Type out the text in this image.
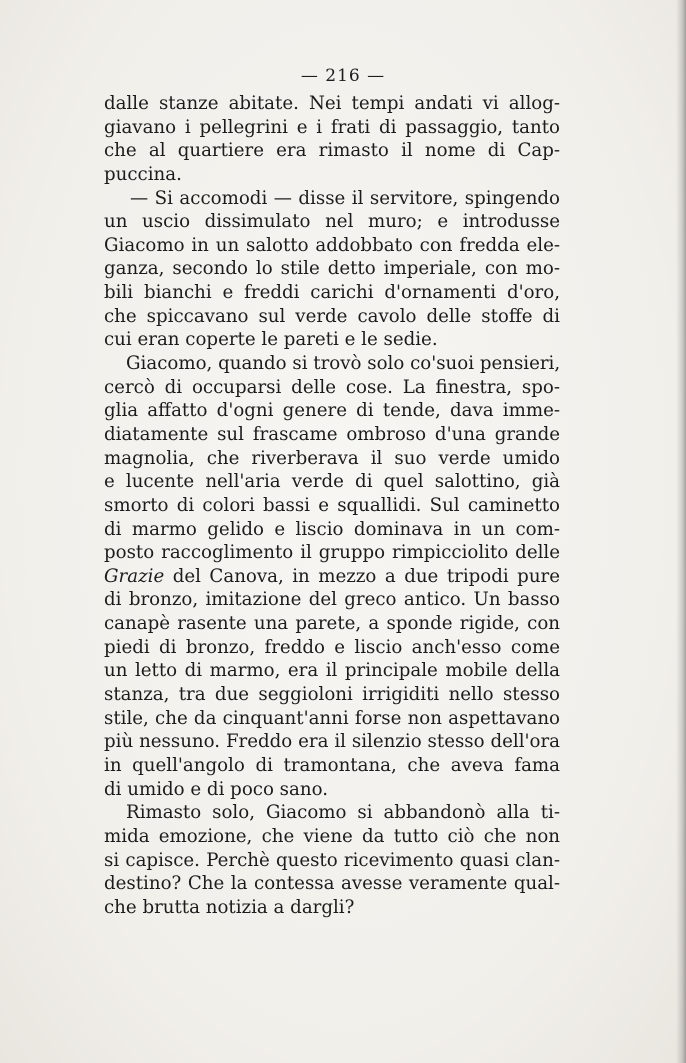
— 216 —
dalle stanze abitate. Nei tempi andati vi allog-
giavano i pellegrini e i frati di passaggio, tanto
che al quartiere era rimasto il nome di Cap-
puccina.
— Si accomodi — disse il servitore, spingendo
un uscio dissimulato nel muro; e introdusse
Giacomo in un salotto addobbato con fredda ele-
ganza, secondo lo stile detto imperiale, con mo-
bili bianchi e freddi carichi d'ornamenti d'oro,
che spiccavano sul verde cavolo delle stoffe di
cui eran coperte le pareti e le sedie.
Giacomo, quando si trovò solo co'suoi pensieri,
cercò di occuparsi delle cose. La finestra, spo-
glia affatto d'ogni genere di tende, dava imme-
diatamente sul frascame ombroso d'una grande
magnolia, che riverberava il suo verde umido
e lucente nell'aria verde di quel salottino, già
smorto di colori bassi e squallidi. Sul caminetto
di marmo gelido e liscio dominava in un com-
posto raccoglimento il gruppo rimpicciolito delle
Grazie del Canova, in mezzo a due tripodi pure
di bronzo, imitazione del greco antico. Un basso
canapè rasente una parete, a sponde rigide, con
piedi di bronzo, freddo e liscio anch'esso come
un letto di marmo, era il principale mobile della
stanza, tra due seggioloni irrigiditi nello stesso
stile, che da cinquant'anni forse non aspettavano
più nessuno. Freddo era il silenzio stesso dell'ora
in quell'angolo di tramontana, che aveva fama
di umido e di poco sano.
Rimasto solo, Giacomo si abbandonò alla ti-
mida emozione, che viene da tutto ciò che non
si capisce. Perchè questo ricevimento quasi clan-
destino? Che la contessa avesse veramente qual-
che brutta notizia a dargli?
